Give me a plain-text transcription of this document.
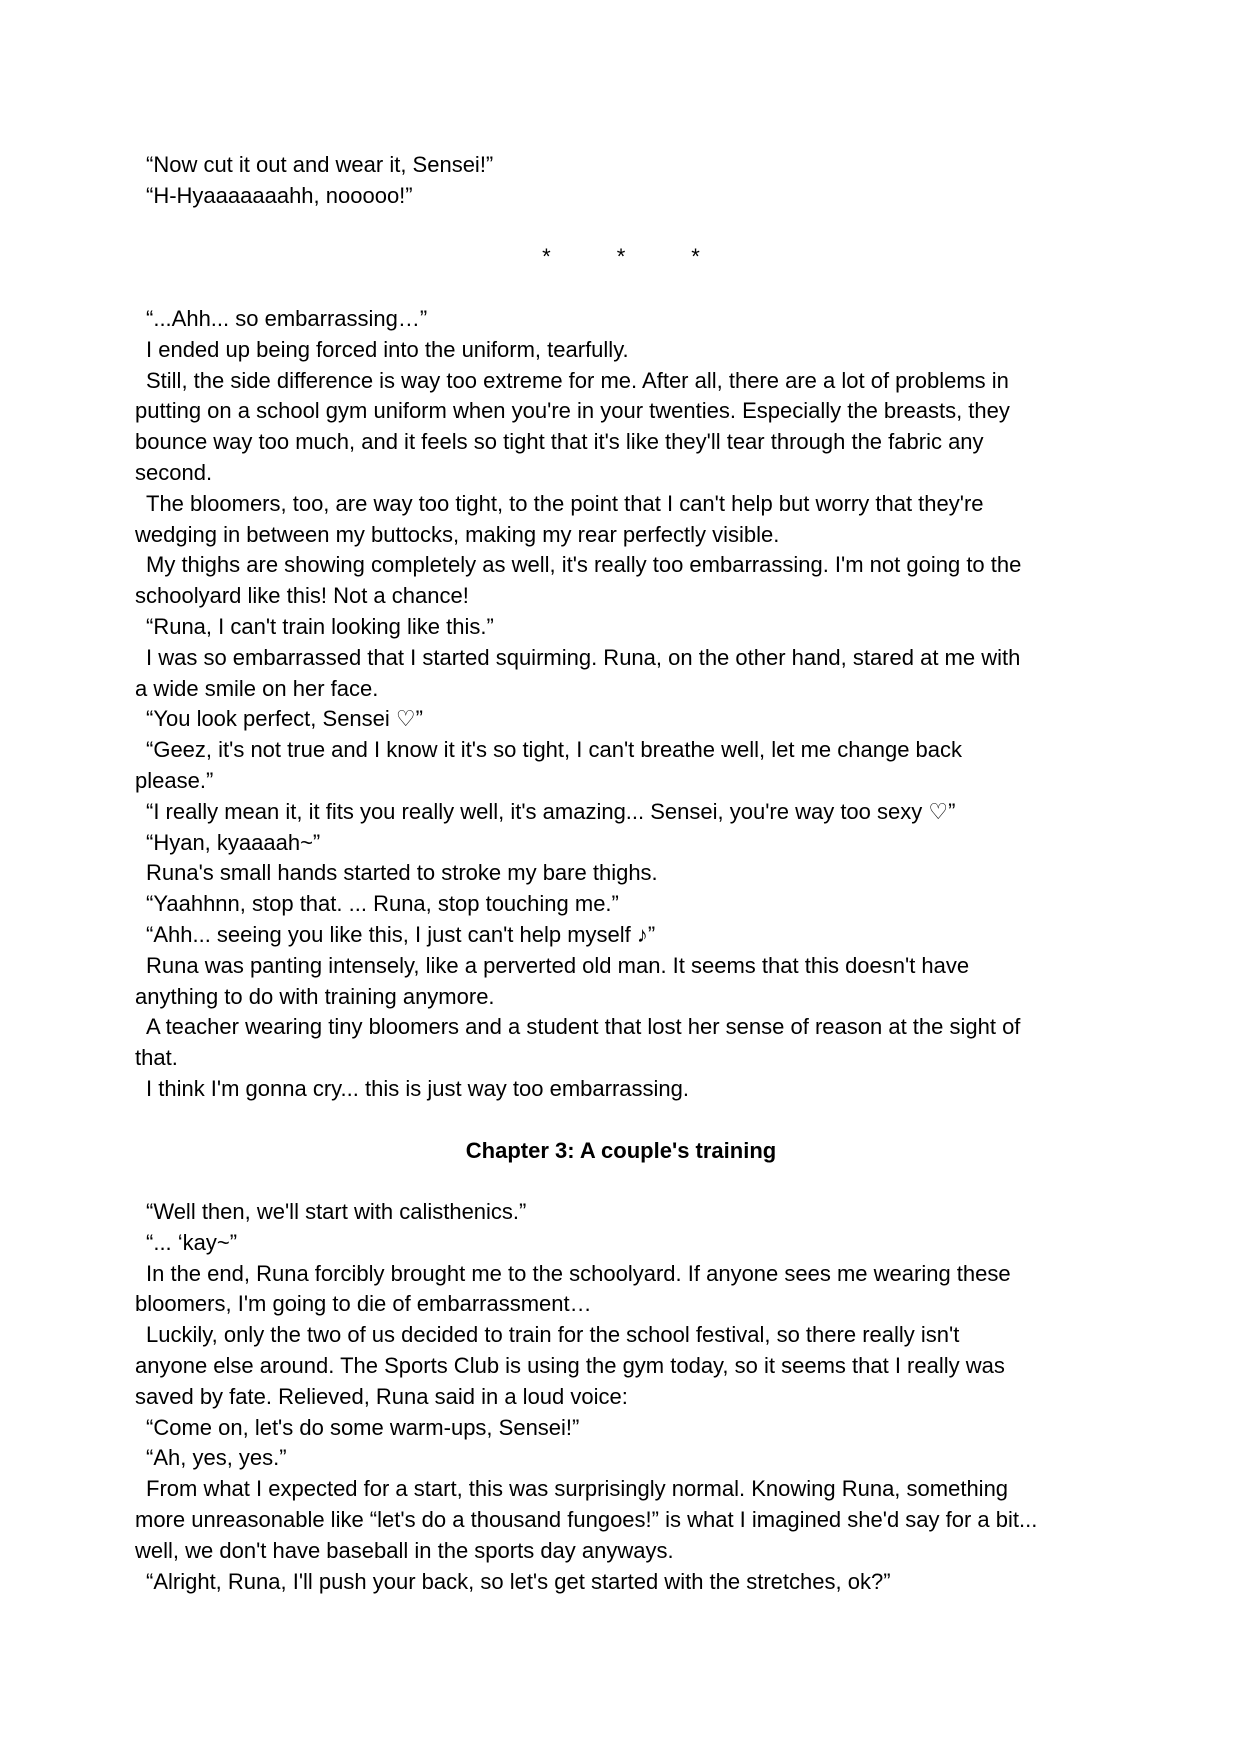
“Now cut it out and wear it, Sensei!”
“H-Hyaaaaaaahh, nooooo!”
*   *   *
“...Ahh... so embarrassing…”
I ended up being forced into the uniform, tearfully.
Still, the side difference is way too extreme for me. After all, there are a lot of problems in
putting on a school gym uniform when you're in your twenties. Especially the breasts, they
bounce way too much, and it feels so tight that it's like they'll tear through the fabric any
second.
The bloomers, too, are way too tight, to the point that I can't help but worry that they're
wedging in between my buttocks, making my rear perfectly visible.
My thighs are showing completely as well, it's really too embarrassing. I'm not going to the
schoolyard like this! Not a chance!
“Runa, I can't train looking like this.”
I was so embarrassed that I started squirming. Runa, on the other hand, stared at me with
a wide smile on her face.
“You look perfect, Sensei ♡”
“Geez, it's not true and I know it it's so tight, I can't breathe well, let me change back
please.”
“I really mean it, it fits you really well, it's amazing... Sensei, you're way too sexy ♡”
“Hyan, kyaaaah~”
Runa's small hands started to stroke my bare thighs.
“Yaahhnn, stop that. ... Runa, stop touching me.”
“Ahh... seeing you like this, I just can't help myself ♪”
Runa was panting intensely, like a perverted old man. It seems that this doesn't have
anything to do with training anymore.
A teacher wearing tiny bloomers and a student that lost her sense of reason at the sight of
that.
I think I'm gonna cry... this is just way too embarrassing.
Chapter 3: A couple's training
“Well then, we'll start with calisthenics.”
“... ‘kay~”
In the end, Runa forcibly brought me to the schoolyard. If anyone sees me wearing these
bloomers, I'm going to die of embarrassment…
Luckily, only the two of us decided to train for the school festival, so there really isn't
anyone else around. The Sports Club is using the gym today, so it seems that I really was
saved by fate. Relieved, Runa said in a loud voice:
“Come on, let's do some warm-ups, Sensei!”
“Ah, yes, yes.”
From what I expected for a start, this was surprisingly normal. Knowing Runa, something
more unreasonable like “let's do a thousand fungoes!” is what I imagined she'd say for a bit...
well, we don't have baseball in the sports day anyways.
“Alright, Runa, I'll push your back, so let's get started with the stretches, ok?”
